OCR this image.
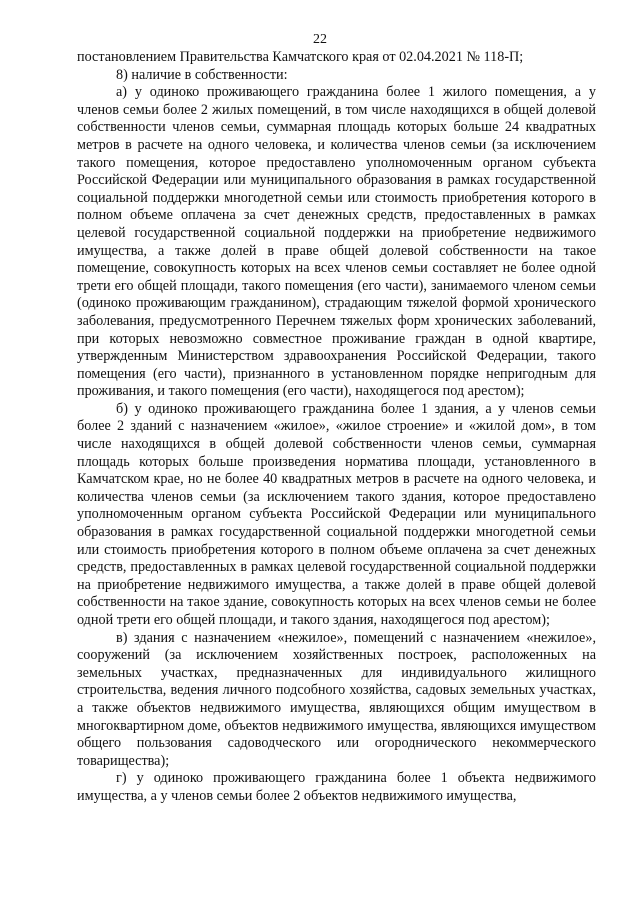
22

постановлением Правительства Камчатского края от 02.04.2021 № 118-П;

8) наличие в собственности:

а) у одиноко проживающего гражданина более 1 жилого помещения, а у членов семьи более 2 жилых помещений, в том числе находящихся в общей долевой собственности членов семьи, суммарная площадь которых больше 24 квадратных метров в расчете на одного человека, и количества членов семьи (за исключением такого помещения, которое предоставлено уполномоченным органом субъекта Российской Федерации или муниципального образования в рамках государственной социальной поддержки многодетной семьи или стоимость приобретения которого в полном объеме оплачена за счет денежных средств, предоставленных в рамках целевой государственной социальной поддержки на приобретение недвижимого имущества, а также долей в праве общей долевой собственности на такое помещение, совокупность которых на всех членов семьи составляет не более одной трети его общей площади, такого помещения (его части), занимаемого членом семьи (одиноко проживающим гражданином), страдающим тяжелой формой хронического заболевания, предусмотренного Перечнем тяжелых форм хронических заболеваний, при которых невозможно совместное проживание граждан в одной квартире, утвержденным Министерством здравоохранения Российской Федерации, такого помещения (его части), признанного в установленном порядке непригодным для проживания, и такого помещения (его части), находящегося под арестом);

б) у одиноко проживающего гражданина более 1 здания, а у членов семьи более 2 зданий с назначением «жилое», «жилое строение» и «жилой дом», в том числе находящихся в общей долевой собственности членов семьи, суммарная площадь которых больше произведения норматива площади, установленного в Камчатском крае, но не более 40 квадратных метров в расчете на одного человека, и количества членов семьи (за исключением такого здания, которое предоставлено уполномоченным органом субъекта Российской Федерации или муниципального образования в рамках государственной социальной поддержки многодетной семьи или стоимость приобретения которого в полном объеме оплачена за счет денежных средств, предоставленных в рамках целевой государственной социальной поддержки на приобретение недвижимого имущества, а также долей в праве общей долевой собственности на такое здание, совокупность которых на всех членов семьи не более одной трети его общей площади, и такого здания, находящегося под арестом);

в) здания с назначением «нежилое», помещений с назначением «нежилое», сооружений (за исключением хозяйственных построек, расположенных на земельных участках, предназначенных для индивидуального жилищного строительства, ведения личного подсобного хозяйства, садовых земельных участках, а также объектов недвижимого имущества, являющихся общим имуществом в многоквартирном доме, объектов недвижимого имущества, являющихся имуществом общего пользования садоводческого или огороднического некоммерческого товарищества);

г) у одиноко проживающего гражданина более 1 объекта недвижимого имущества, а у членов семьи более 2 объектов недвижимого имущества,
